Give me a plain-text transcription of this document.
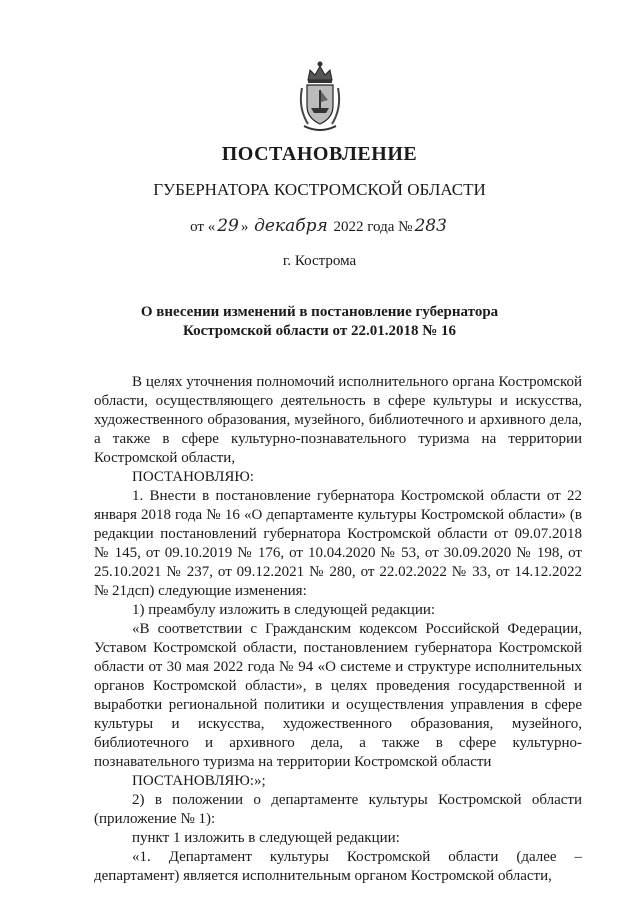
ПОСТАНОВЛЕНИЕ
ГУБЕРНАТОРА КОСТРОМСКОЙ ОБЛАСТИ
от « 29 » декабря 2022 года № 283
г. Кострома
О внесении изменений в постановление губернатора
Костромской области от 22.01.2018 № 16

В целях уточнения полномочий исполнительного органа Костромской области, осуществляющего деятельность в сфере культуры и искусства, художественного образования, музейного, библиотечного и архивного дела, а также в сфере культурно-познавательного туризма на территории Костромской области,

ПОСТАНОВЛЯЮ:

1. Внести в постановление губернатора Костромской области от 22 января 2018 года № 16 «О департаменте культуры Костромской области» (в редакции постановлений губернатора Костромской области от 09.07.2018 № 145, от 09.10.2019 № 176, от 10.04.2020 № 53, от 30.09.2020 № 198, от 25.10.2021 № 237, от 09.12.2021 № 280, от 22.02.2022 № 33, от 14.12.2022 № 21дсп) следующие изменения:

1) преамбулу изложить в следующей редакции:

«В соответствии с Гражданским кодексом Российской Федерации, Уставом Костромской области, постановлением губернатора Костромской области от 30 мая 2022 года № 94 «О системе и структуре исполнительных органов Костромской области», в целях проведения государственной и выработки региональной политики и осуществления управления в сфере культуры и искусства, художественного образования, музейного, библиотечного и архивного дела, а также в сфере культурно-познавательного туризма на территории Костромской области

ПОСТАНОВЛЯЮ:»;

2) в положении о департаменте культуры Костромской области (приложение № 1):

пункт 1 изложить в следующей редакции:

«1. Департамент культуры Костромской области (далее – департамент) является исполнительным органом Костромской области,
